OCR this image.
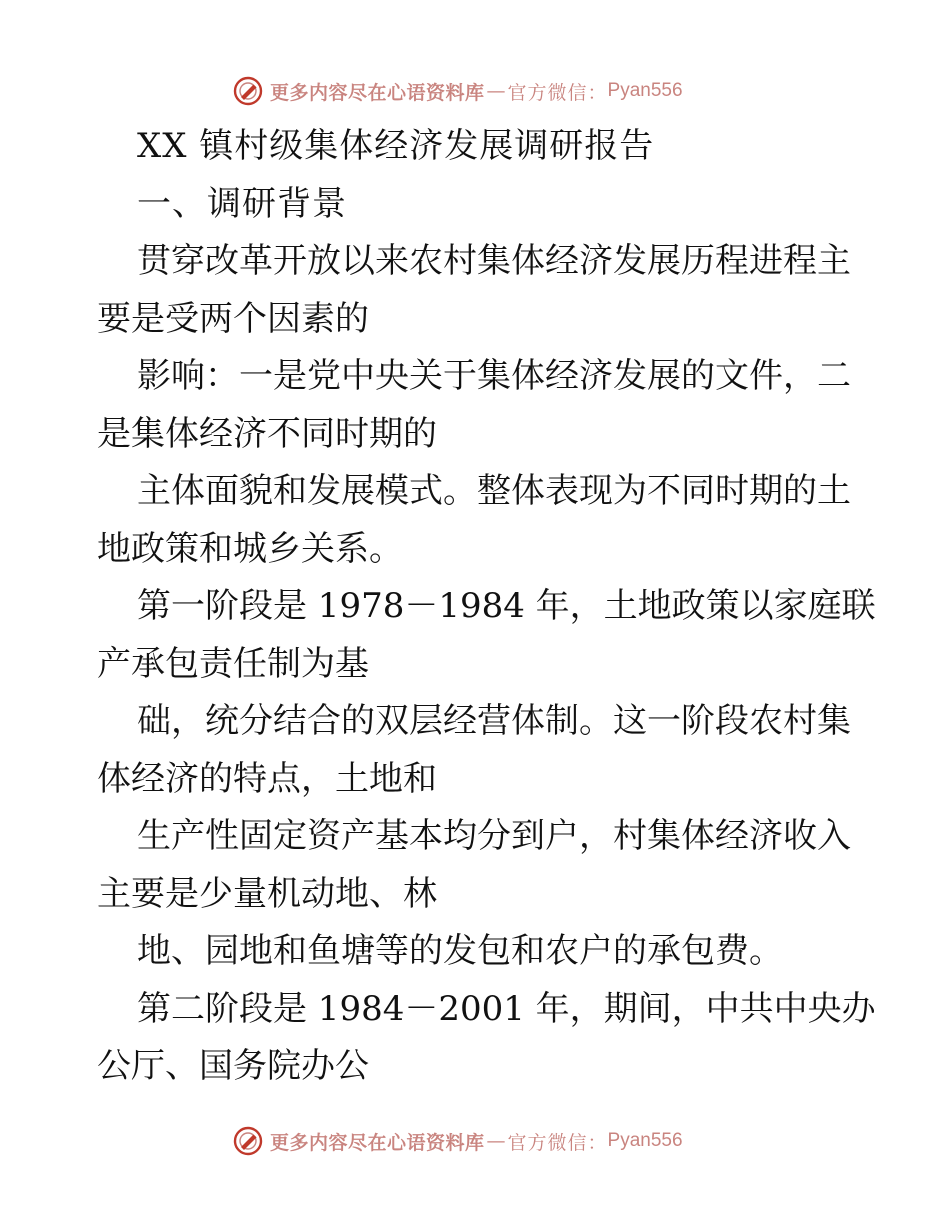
更多内容尽在心语资料库 — 官方微信： Pyan556
XX 镇村级集体经济发展调研报告
一、调研背景
贯穿改革开放以来农村集体经济发展历程进程主
要是受两个因素的
影响：一是党中央关于集体经济发展的文件，二
是集体经济不同时期的
主体面貌和发展模式。整体表现为不同时期的土
地政策和城乡关系。
第一阶段是 1978－1984 年，土地政策以家庭联
产承包责任制为基
础，统分结合的双层经营体制。这一阶段农村集
体经济的特点，土地和
生产性固定资产基本均分到户，村集体经济收入
主要是少量机动地、林
地、园地和鱼塘等的发包和农户的承包费。
第二阶段是 1984－2001 年，期间，中共中央办
公厅、国务院办公
更多内容尽在心语资料库 — 官方微信： Pyan556
